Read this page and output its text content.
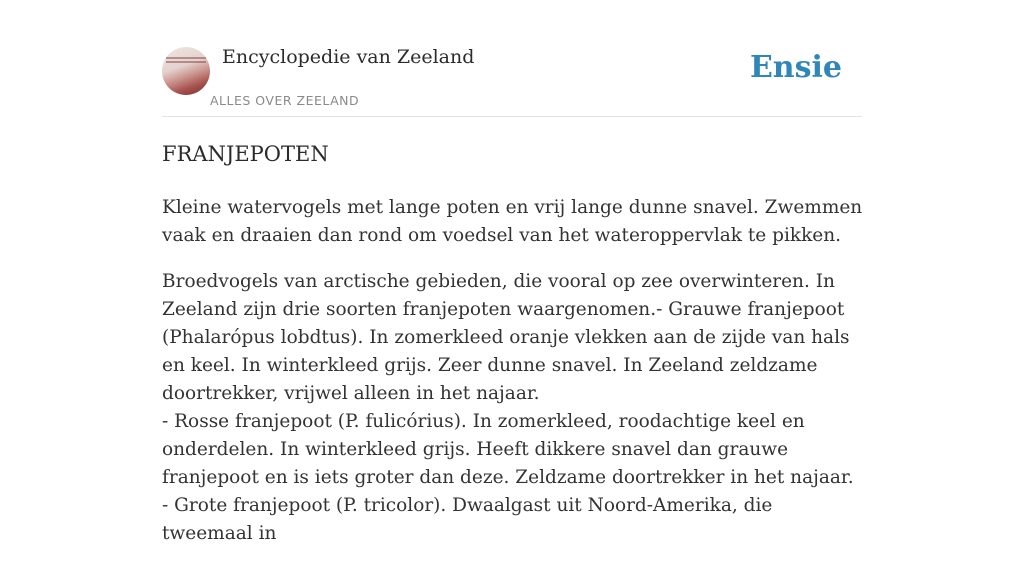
Encyclopedie van Zeeland
ALLES OVER ZEELAND
Ensie
FRANJEPOTEN

Kleine watervogels met lange poten en vrij lange dunne snavel. Zwemmen vaak en draaien dan rond om voedsel van het wateroppervlak te pikken.

Broedvogels van arctische gebieden, die vooral op zee overwinteren. In Zeeland zijn drie soorten franjepoten waargenomen.- Grauwe franjepoot (Phalarópus lobdtus). In zomerkleed oranje vlekken aan de zijde van hals en keel. In winterkleed grijs. Zeer dunne snavel. In Zeeland zeldzame doortrekker, vrijwel alleen in het najaar.
- Rosse franjepoot (P. fulicórius). In zomerkleed, roodachtige keel en onderdelen. In winterkleed grijs. Heeft dikkere snavel dan grauwe franjepoot en is iets groter dan deze. Zeldzame doortrekker in het najaar.
- Grote franjepoot (P. tricolor). Dwaalgast uit Noord-Amerika, die tweemaal in
